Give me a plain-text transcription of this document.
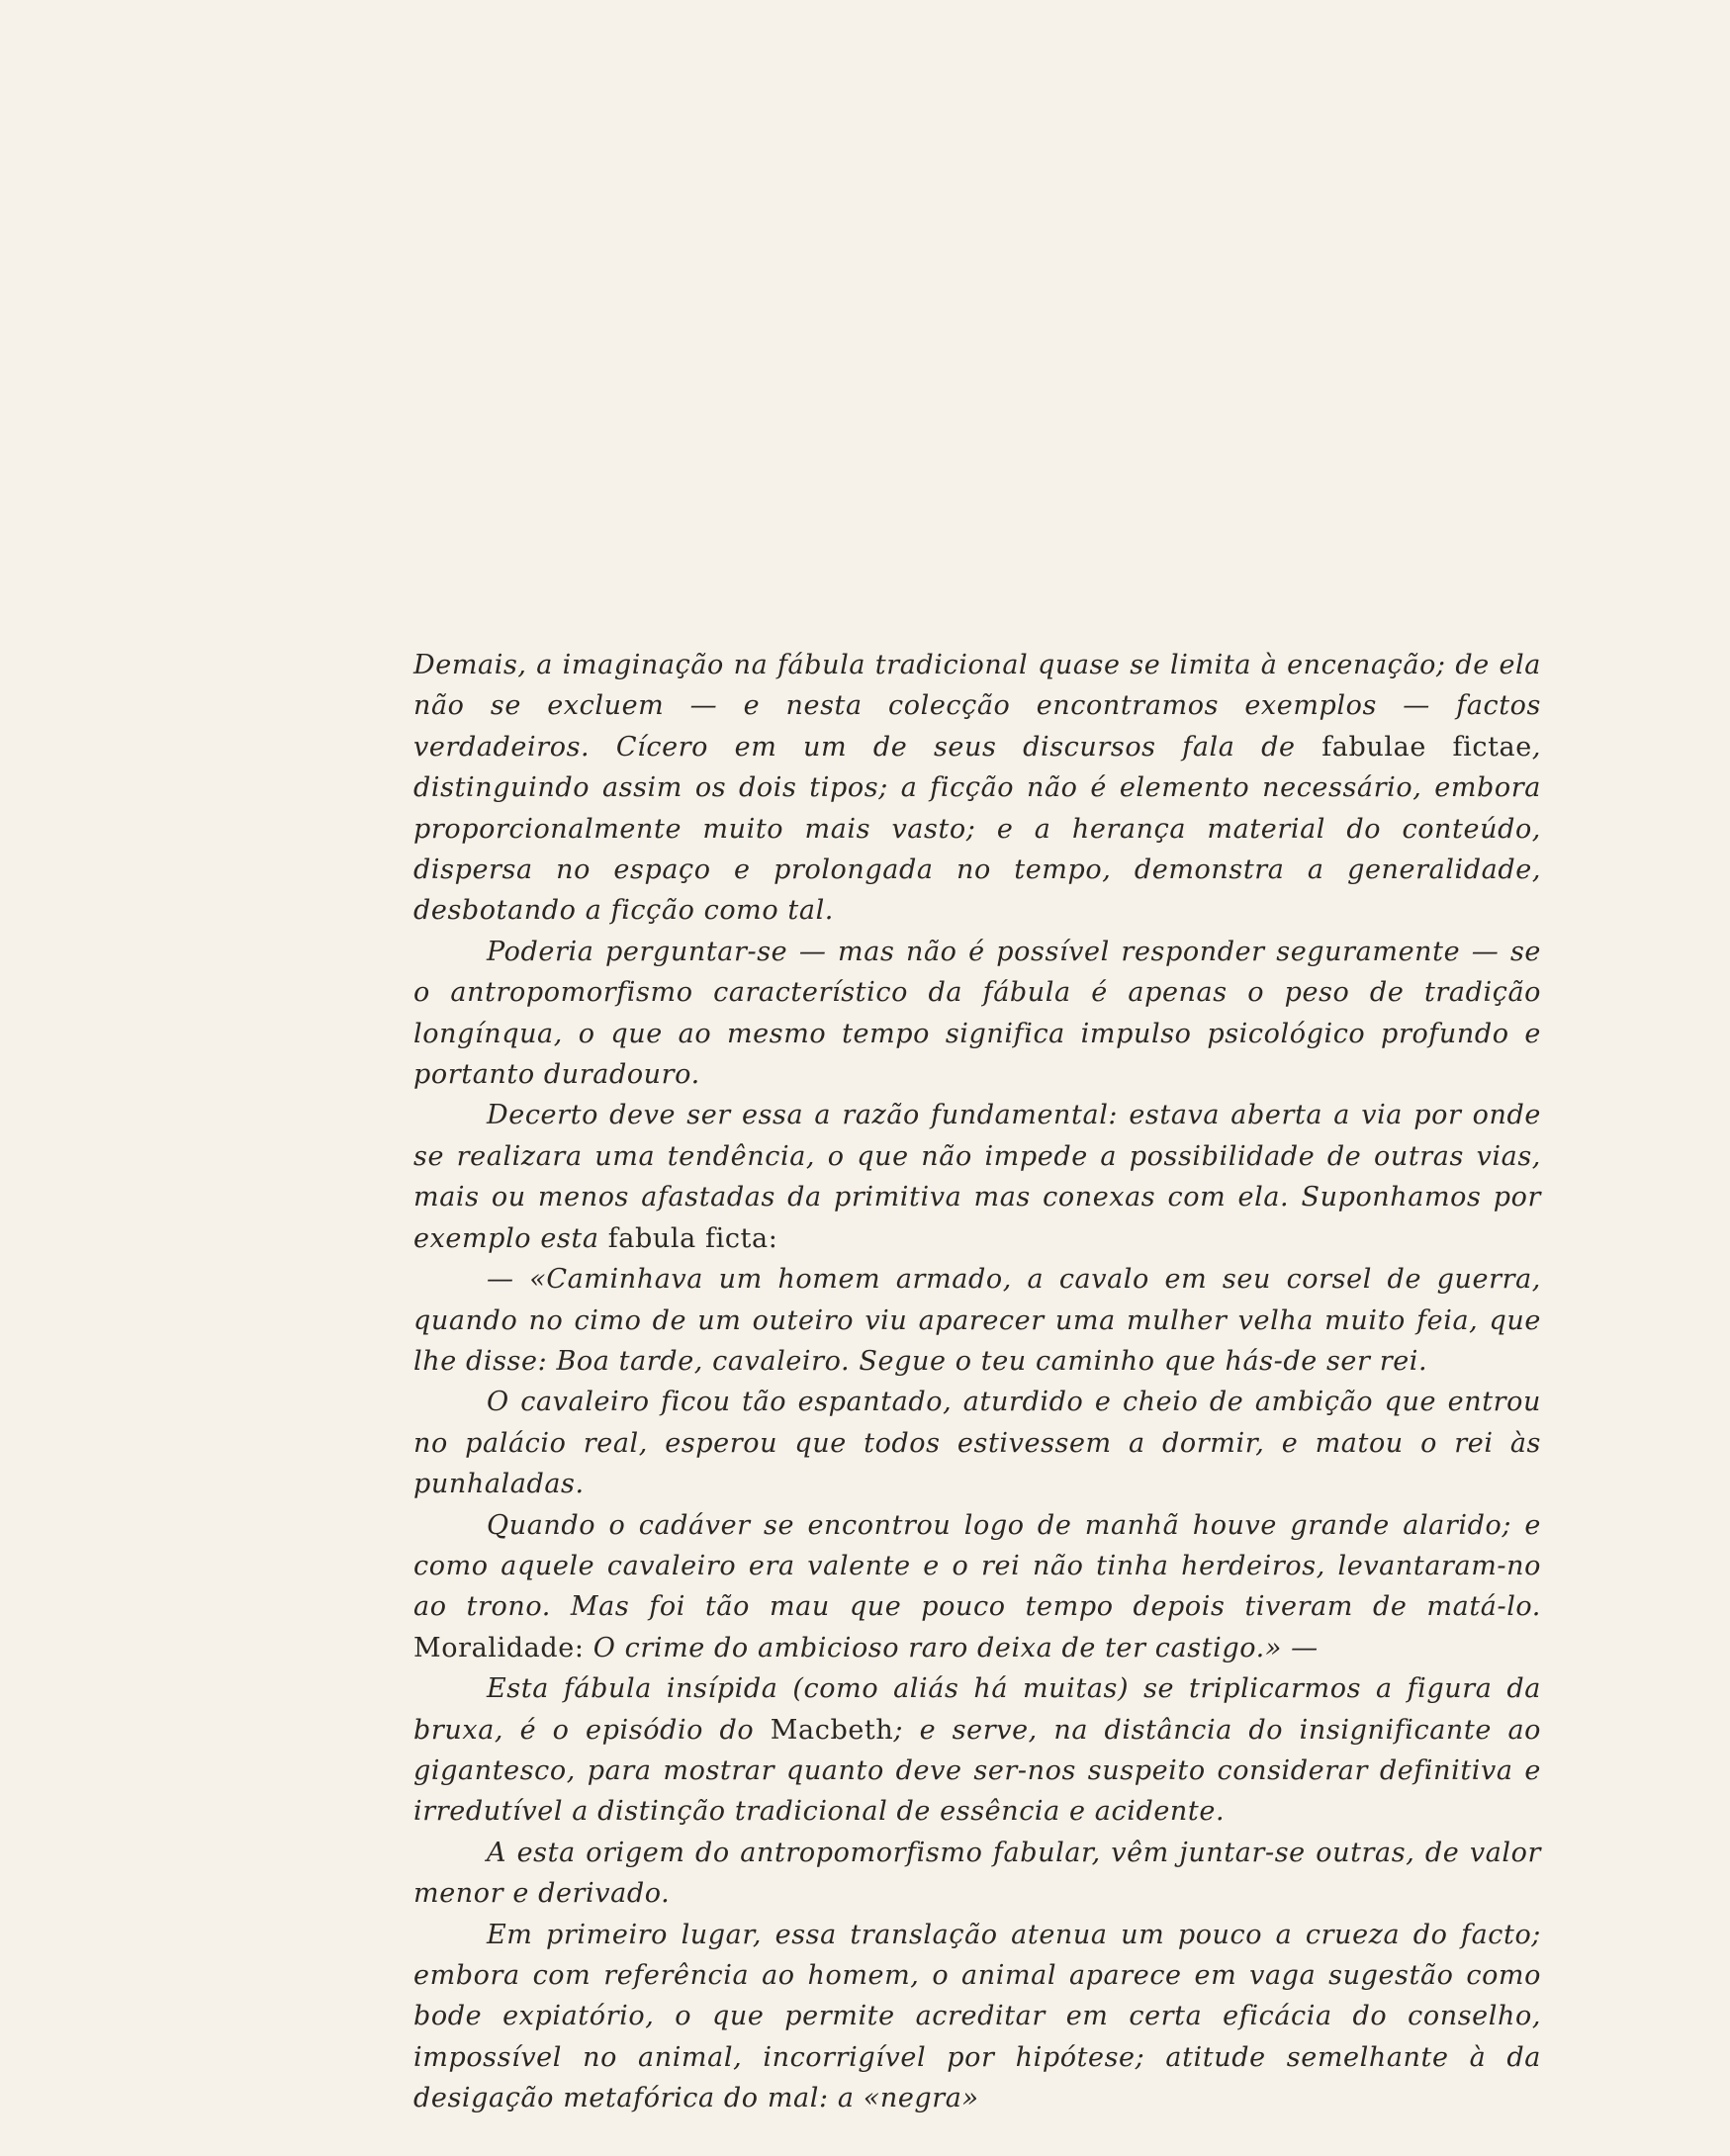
Demais, a imaginação na fábula tradicional quase se limita à encenação; de ela não se excluem — e nesta colecção encontramos exemplos — factos verdadeiros. Cícero em um de seus discursos fala de fabulae fictae, distinguindo assim os dois tipos; a ficção não é elemento necessário, embora proporcionalmente muito mais vasto; e a herança material do conteúdo, dispersa no espaço e prolongada no tempo, demonstra a generalidade, desbotando a ficção como tal.

Poderia perguntar-se — mas não é possível responder seguramente — se o antropomorfismo característico da fábula é apenas o peso de tradição longínqua, o que ao mesmo tempo significa impulso psicológico profundo e portanto duradouro.

Decerto deve ser essa a razão fundamental: estava aberta a via por onde se realizara uma tendência, o que não impede a possibilidade de outras vias, mais ou menos afastadas da primitiva mas conexas com ela. Suponhamos por exemplo esta fabula ficta:

— «Caminhava um homem armado, a cavalo em seu corsel de guerra, quando no cimo de um outeiro viu aparecer uma mulher velha muito feia, que lhe disse: Boa tarde, cavaleiro. Segue o teu caminho que hás-de ser rei.

O cavaleiro ficou tão espantado, aturdido e cheio de ambição que entrou no palácio real, esperou que todos estivessem a dormir, e matou o rei às punhaladas.

Quando o cadáver se encontrou logo de manhã houve grande alarido; e como aquele cavaleiro era valente e o rei não tinha herdeiros, levantaram-no ao trono. Mas foi tão mau que pouco tempo depois tiveram de matá-lo. Moralidade: O crime do ambicioso raro deixa de ter castigo.» —

Esta fábula insípida (como aliás há muitas) se triplicarmos a figura da bruxa, é o episódio do Macbeth; e serve, na distância do insignificante ao gigantesco, para mostrar quanto deve ser-nos suspeito considerar definitiva e irredutível a distinção tradicional de essência e acidente.

A esta origem do antropomorfismo fabular, vêm juntar-se outras, de valor menor e derivado.

Em primeiro lugar, essa translação atenua um pouco a crueza do facto; embora com referência ao homem, o animal aparece em vaga sugestão como bode expiatório, o que permite acreditar em certa eficácia do conselho, impossível no animal, incorrigível por hipótese; atitude semelhante à da desigação metafórica do mal: a «negra»
